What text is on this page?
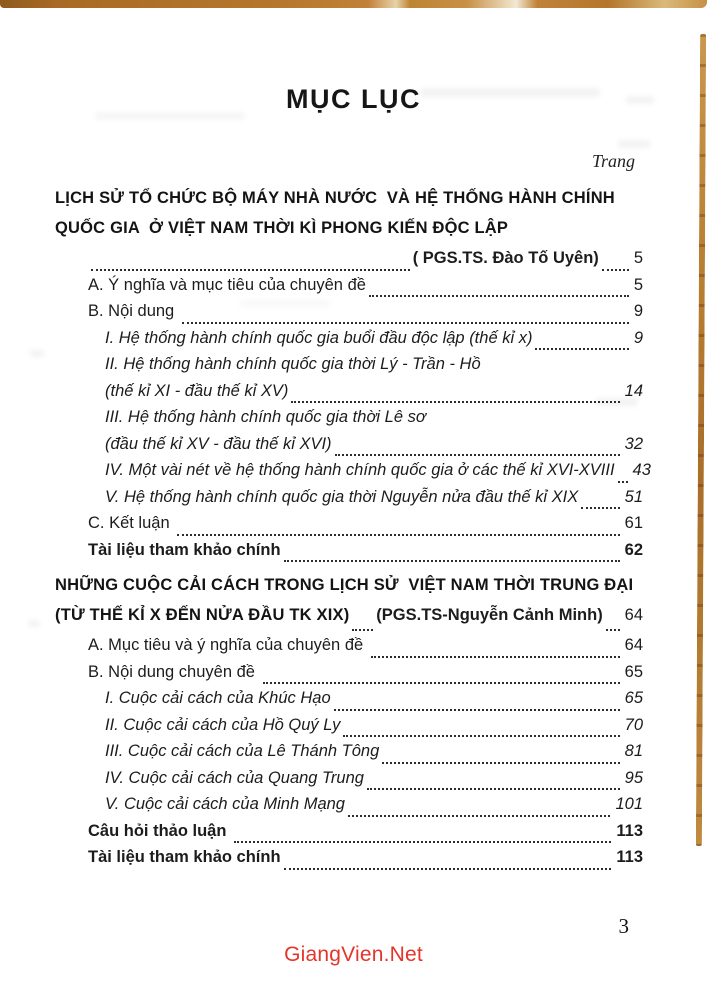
MỤC LỤC
Trang
LỊCH SỬ TỔ CHỨC BỘ MÁY NHÀ NƯỚC  VÀ HỆ THỐNG HÀNH CHÍNH
QUỐC GIA  Ở VIỆT NAM THỜI KÌ PHONG KIẾN ĐỘC LẬP
( PGS.TS. Đào Tố Uyên) 5
A. Ý nghĩa và mục tiêu của chuyên đề	5
B. Nội dung	9
I. Hệ thống hành chính quốc gia buổi đầu độc lập (thế kỉ x)	9
II. Hệ thống hành chính quốc gia thời Lý - Trần - Hồ
(thế kỉ XI - đầu thế kỉ XV)	14
III. Hệ thống hành chính quốc gia thời Lê sơ
(đầu thế kỉ XV - đầu thế kỉ XVI)	32
IV. Một vài nét về hệ thống hành chính quốc gia ở các thế kỉ XVI-XVIII 43
V. Hệ thống hành chính quốc gia thời Nguyễn nửa đầu thế kỉ XIX	51
C. Kết luận	61
Tài liệu tham khảo chính	62
NHỮNG CUỘC CẢI CÁCH TRONG LỊCH SỬ  VIỆT NAM THỜI TRUNG ĐẠI
(TỪ THẾ KỈ X ĐẾN NỬA ĐẦU TK XIX) (PGS.TS-Nguyễn Cảnh Minh) 64
A. Mục tiêu và ý nghĩa của chuyên đề	64
B. Nội dung chuyên đề	65
I. Cuộc cải cách của Khúc Hạo	65
II. Cuộc cải cách của Hồ Quý Ly	70
III. Cuộc cải cách của Lê Thánh Tông	81
IV. Cuộc cải cách của Quang Trung	95
V. Cuộc cải cách của Minh Mạng	101
Câu hỏi thảo luận	113
Tài liệu tham khảo chính	113
3
GiangVien.Net
